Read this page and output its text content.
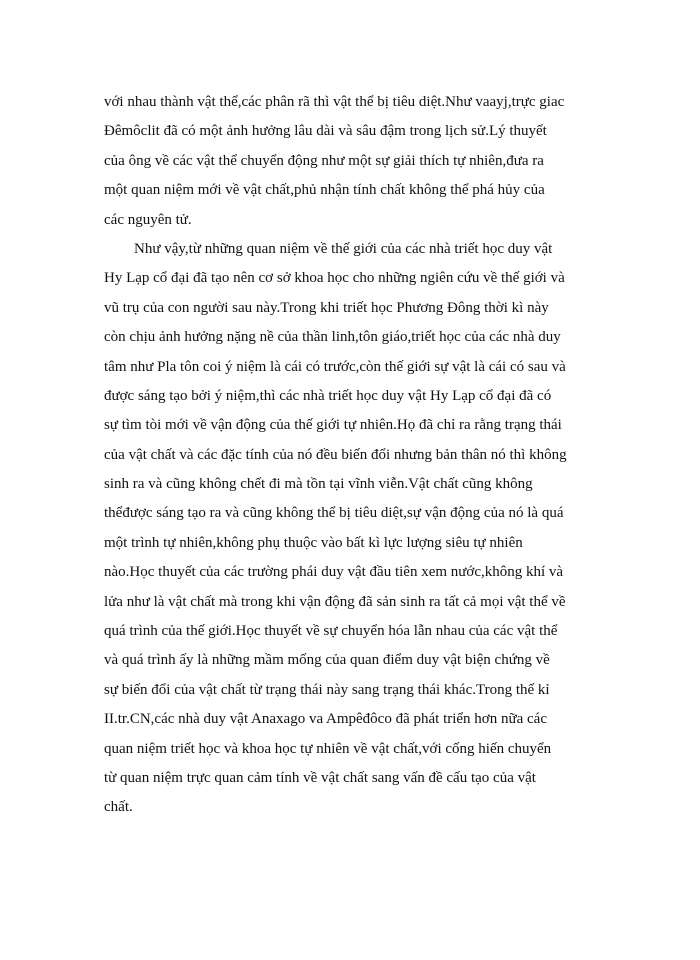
với nhau thành vật thể,các phân rã thì vật thể bị tiêu diệt.Như vaayj,trực giac
Đêmôclit đã có một ảnh hưởng lâu dài và sâu đậm trong lịch sử.Lý thuyết
của ông về các vật thể chuyển động như một sự giải thích tự nhiên,đưa ra
một quan niệm mới về vật chất,phủ nhận tính chất không thể phá hủy của
các nguyên tử.
Như vậy,từ những quan niệm về thế giới của các nhà triết học duy vật
Hy Lạp cổ đại đã tạo nên cơ sở khoa học cho những ngiên cứu về thế giới và
vũ trụ của con người sau này.Trong khi triết học Phương Đông thời kì này
còn chịu ảnh hưởng nặng nề của thần linh,tôn giáo,triết học của các nhà duy
tâm như Pla tôn coi ý niệm là cái có trước,còn thế giới sự vật là cái có sau và
được sáng tạo bởi ý niệm,thì các nhà triết học duy vật Hy Lạp cổ đại đã có
sự tìm tòi mới về vận động của thế giới tự nhiên.Họ đã chỉ ra rằng trạng thái
của vật chất và các đặc tính của nó đều biến đổi nhưng bản thân nó thì không
sinh ra và cũng không chết đi mà tồn tại vĩnh viễn.Vật chất cũng không
thểđược sáng tạo ra và cũng không thể bị tiêu diệt,sự vận động của nó là quá
một trình tự nhiên,không phụ thuộc vào bất kì lực lượng siêu tự nhiên
nào.Học thuyết của các trường phái duy vật đầu tiên xem nước,không khí và
lửa như là vật chất mà trong khi vận động đã sản sinh ra tất cả mọi vật thể về
quá trình của thế giới.Học thuyết về sự chuyển hóa lẫn nhau của các vật thể
và quá trình ấy là những mầm mống của quan điểm duy vật biện chứng về
sự biến đổi của vật chất từ trạng thái này sang trạng thái khác.Trong thế kỉ
II.tr.CN,các nhà duy vật Anaxago va Ampêđôco đã phát triển hơn nữa các
quan niệm triết học và khoa học tự nhiên về vật chất,với cống hiến chuyển
từ quan niệm trực quan cảm tính về vật chất sang vấn đề cấu tạo của vật
chất.
